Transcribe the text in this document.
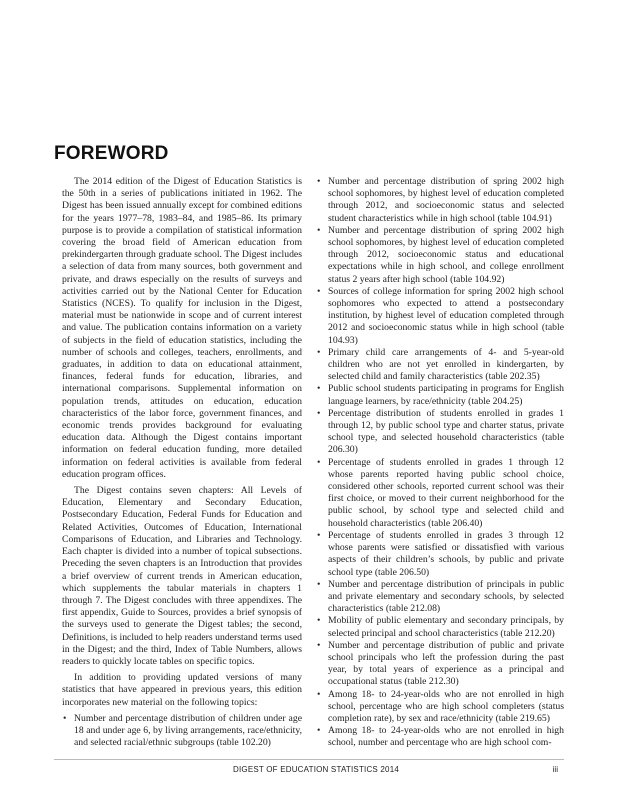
FOREWORD

The 2014 edition of the Digest of Education Statistics is the 50th in a series of publications initiated in 1962. The Digest has been issued annually except for combined editions for the years 1977–78, 1983–84, and 1985–86. Its primary purpose is to provide a compilation of statistical information covering the broad field of American education from prekindergarten through graduate school. The Digest includes a selection of data from many sources, both government and private, and draws especially on the results of surveys and activities carried out by the National Center for Education Statistics (NCES). To qualify for inclusion in the Digest, material must be nationwide in scope and of current interest and value. The publication contains information on a variety of subjects in the field of education statistics, including the number of schools and colleges, teachers, enrollments, and graduates, in addition to data on educational attainment, finances, federal funds for education, libraries, and international comparisons. Supplemental information on population trends, attitudes on education, education characteristics of the labor force, government finances, and economic trends provides background for evaluating education data. Although the Digest contains important information on federal education funding, more detailed information on federal activities is available from federal education program offices.

The Digest contains seven chapters: All Levels of Education, Elementary and Secondary Education, Postsecondary Education, Federal Funds for Education and Related Activities, Outcomes of Education, International Comparisons of Education, and Libraries and Technology. Each chapter is divided into a number of topical subsections. Preceding the seven chapters is an Introduction that provides a brief overview of current trends in American education, which supplements the tabular materials in chapters 1 through 7. The Digest concludes with three appendixes. The first appendix, Guide to Sources, provides a brief synopsis of the surveys used to generate the Digest tables; the second, Definitions, is included to help readers understand terms used in the Digest; and the third, Index of Table Numbers, allows readers to quickly locate tables on specific topics.

In addition to providing updated versions of many statistics that have appeared in previous years, this edition incorporates new material on the following topics:

• Number and percentage distribution of children under age 18 and under age 6, by living arrangements, race/ethnicity, and selected racial/ethnic subgroups (table 102.20)
• Number and percentage distribution of spring 2002 high school sophomores, by highest level of education completed through 2012, and socioeconomic status and selected student characteristics while in high school (table 104.91)
• Number and percentage distribution of spring 2002 high school sophomores, by highest level of education completed through 2012, socioeconomic status and educational expectations while in high school, and college enrollment status 2 years after high school (table 104.92)
• Sources of college information for spring 2002 high school sophomores who expected to attend a postsecondary institution, by highest level of education completed through 2012 and socioeconomic status while in high school (table 104.93)
• Primary child care arrangements of 4- and 5-year-old children who are not yet enrolled in kindergarten, by selected child and family characteristics (table 202.35)
• Public school students participating in programs for English language learners, by race/ethnicity (table 204.25)
• Percentage distribution of students enrolled in grades 1 through 12, by public school type and charter status, private school type, and selected household characteristics (table 206.30)
• Percentage of students enrolled in grades 1 through 12 whose parents reported having public school choice, considered other schools, reported current school was their first choice, or moved to their current neighborhood for the public school, by school type and selected child and household characteristics (table 206.40)
• Percentage of students enrolled in grades 3 through 12 whose parents were satisfied or dissatisfied with various aspects of their children’s schools, by public and private school type (table 206.50)
• Number and percentage distribution of principals in public and private elementary and secondary schools, by selected characteristics (table 212.08)
• Mobility of public elementary and secondary principals, by selected principal and school characteristics (table 212.20)
• Number and percentage distribution of public and private school principals who left the profession during the past year, by total years of experience as a principal and occupational status (table 212.30)
• Among 18- to 24-year-olds who are not enrolled in high school, percentage who are high school completers (status completion rate), by sex and race/ethnicity (table 219.65)
• Among 18- to 24-year-olds who are not enrolled in high school, number and percentage who are high school com-
DIGEST OF EDUCATION STATISTICS 2014	iii
